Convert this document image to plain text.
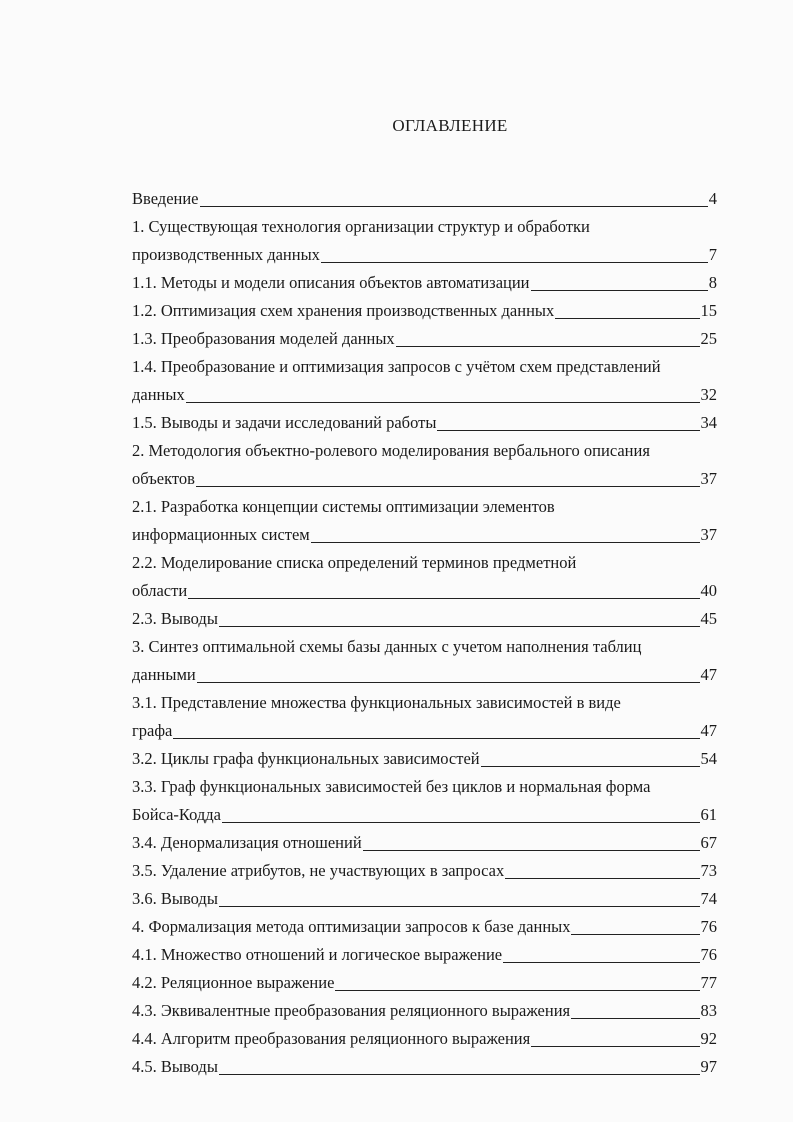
ОГЛАВЛЕНИЕ
Введение	4
1. Существующая технология организации структур и обработки
производственных данных	7
1.1. Методы и модели описания объектов автоматизации	8
1.2. Оптимизация схем хранения производственных данных	15
1.3. Преобразования моделей данных	25
1.4. Преобразование и оптимизация запросов с учётом схем представлений
данных	32
1.5. Выводы и задачи исследований работы	34
2. Методология объектно-ролевого моделирования вербального описания
объектов	37
2.1. Разработка концепции системы оптимизации элементов
информационных систем	37
2.2. Моделирование списка определений терминов предметной
области	40
2.3. Выводы	45
3. Синтез оптимальной схемы базы данных с учетом наполнения таблиц
данными	47
3.1. Представление множества функциональных зависимостей в виде
графа	47
3.2. Циклы графа функциональных зависимостей	54
3.3. Граф функциональных зависимостей без циклов и нормальная форма
Бойса-Кодда	61
3.4. Денормализация отношений	67
3.5. Удаление атрибутов, не участвующих в запросах	73
3.6. Выводы	74
4. Формализация метода оптимизации запросов к базе данных	76
4.1. Множество отношений и логическое выражение	76
4.2. Реляционное выражение	77
4.3. Эквивалентные преобразования реляционного выражения	83
4.4. Алгоритм преобразования реляционного выражения	92
4.5. Выводы	97
